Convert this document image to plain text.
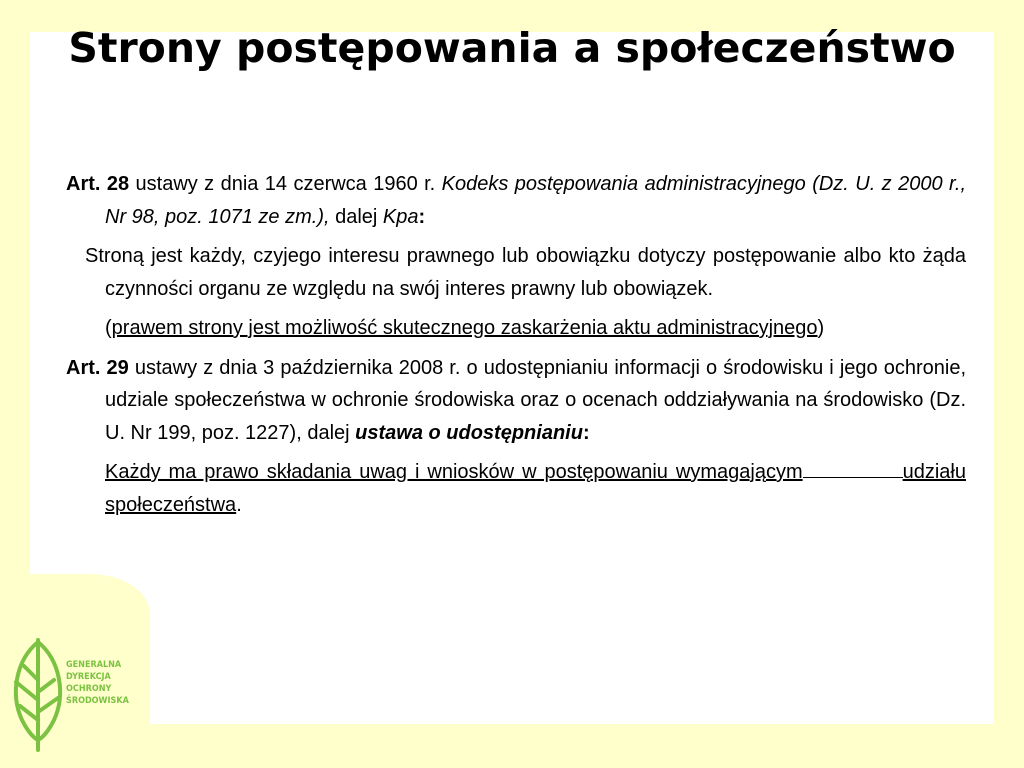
Strony postępowania a społeczeństwo

Art. 28 ustawy z dnia 14 czerwca 1960 r. Kodeks postępowania administracyjnego (Dz. U. z 2000 r., Nr 98, poz. 1071 ze zm.), dalej Kpa:

Stroną jest każdy, czyjego interesu prawnego lub obowiązku dotyczy postępowanie albo kto żąda czynności organu ze względu na swój interes prawny lub obowiązek.

(prawem strony jest możliwość skutecznego zaskarżenia aktu administracyjnego)

Art. 29 ustawy z dnia 3 października 2008 r. o udostępnianiu informacji o środowisku i jego ochronie, udziale społeczeństwa w ochronie środowiska oraz o ocenach oddziaływania na środowisko (Dz. U. Nr 199, poz. 1227), dalej ustawa o udostępnianiu:

Każdy ma prawo składania uwag i wniosków w postępowaniu wymagającym	udziału społeczeństwa.

GENERALNA
DYREKCJA
OCHRONY
ŚRODOWISKA
